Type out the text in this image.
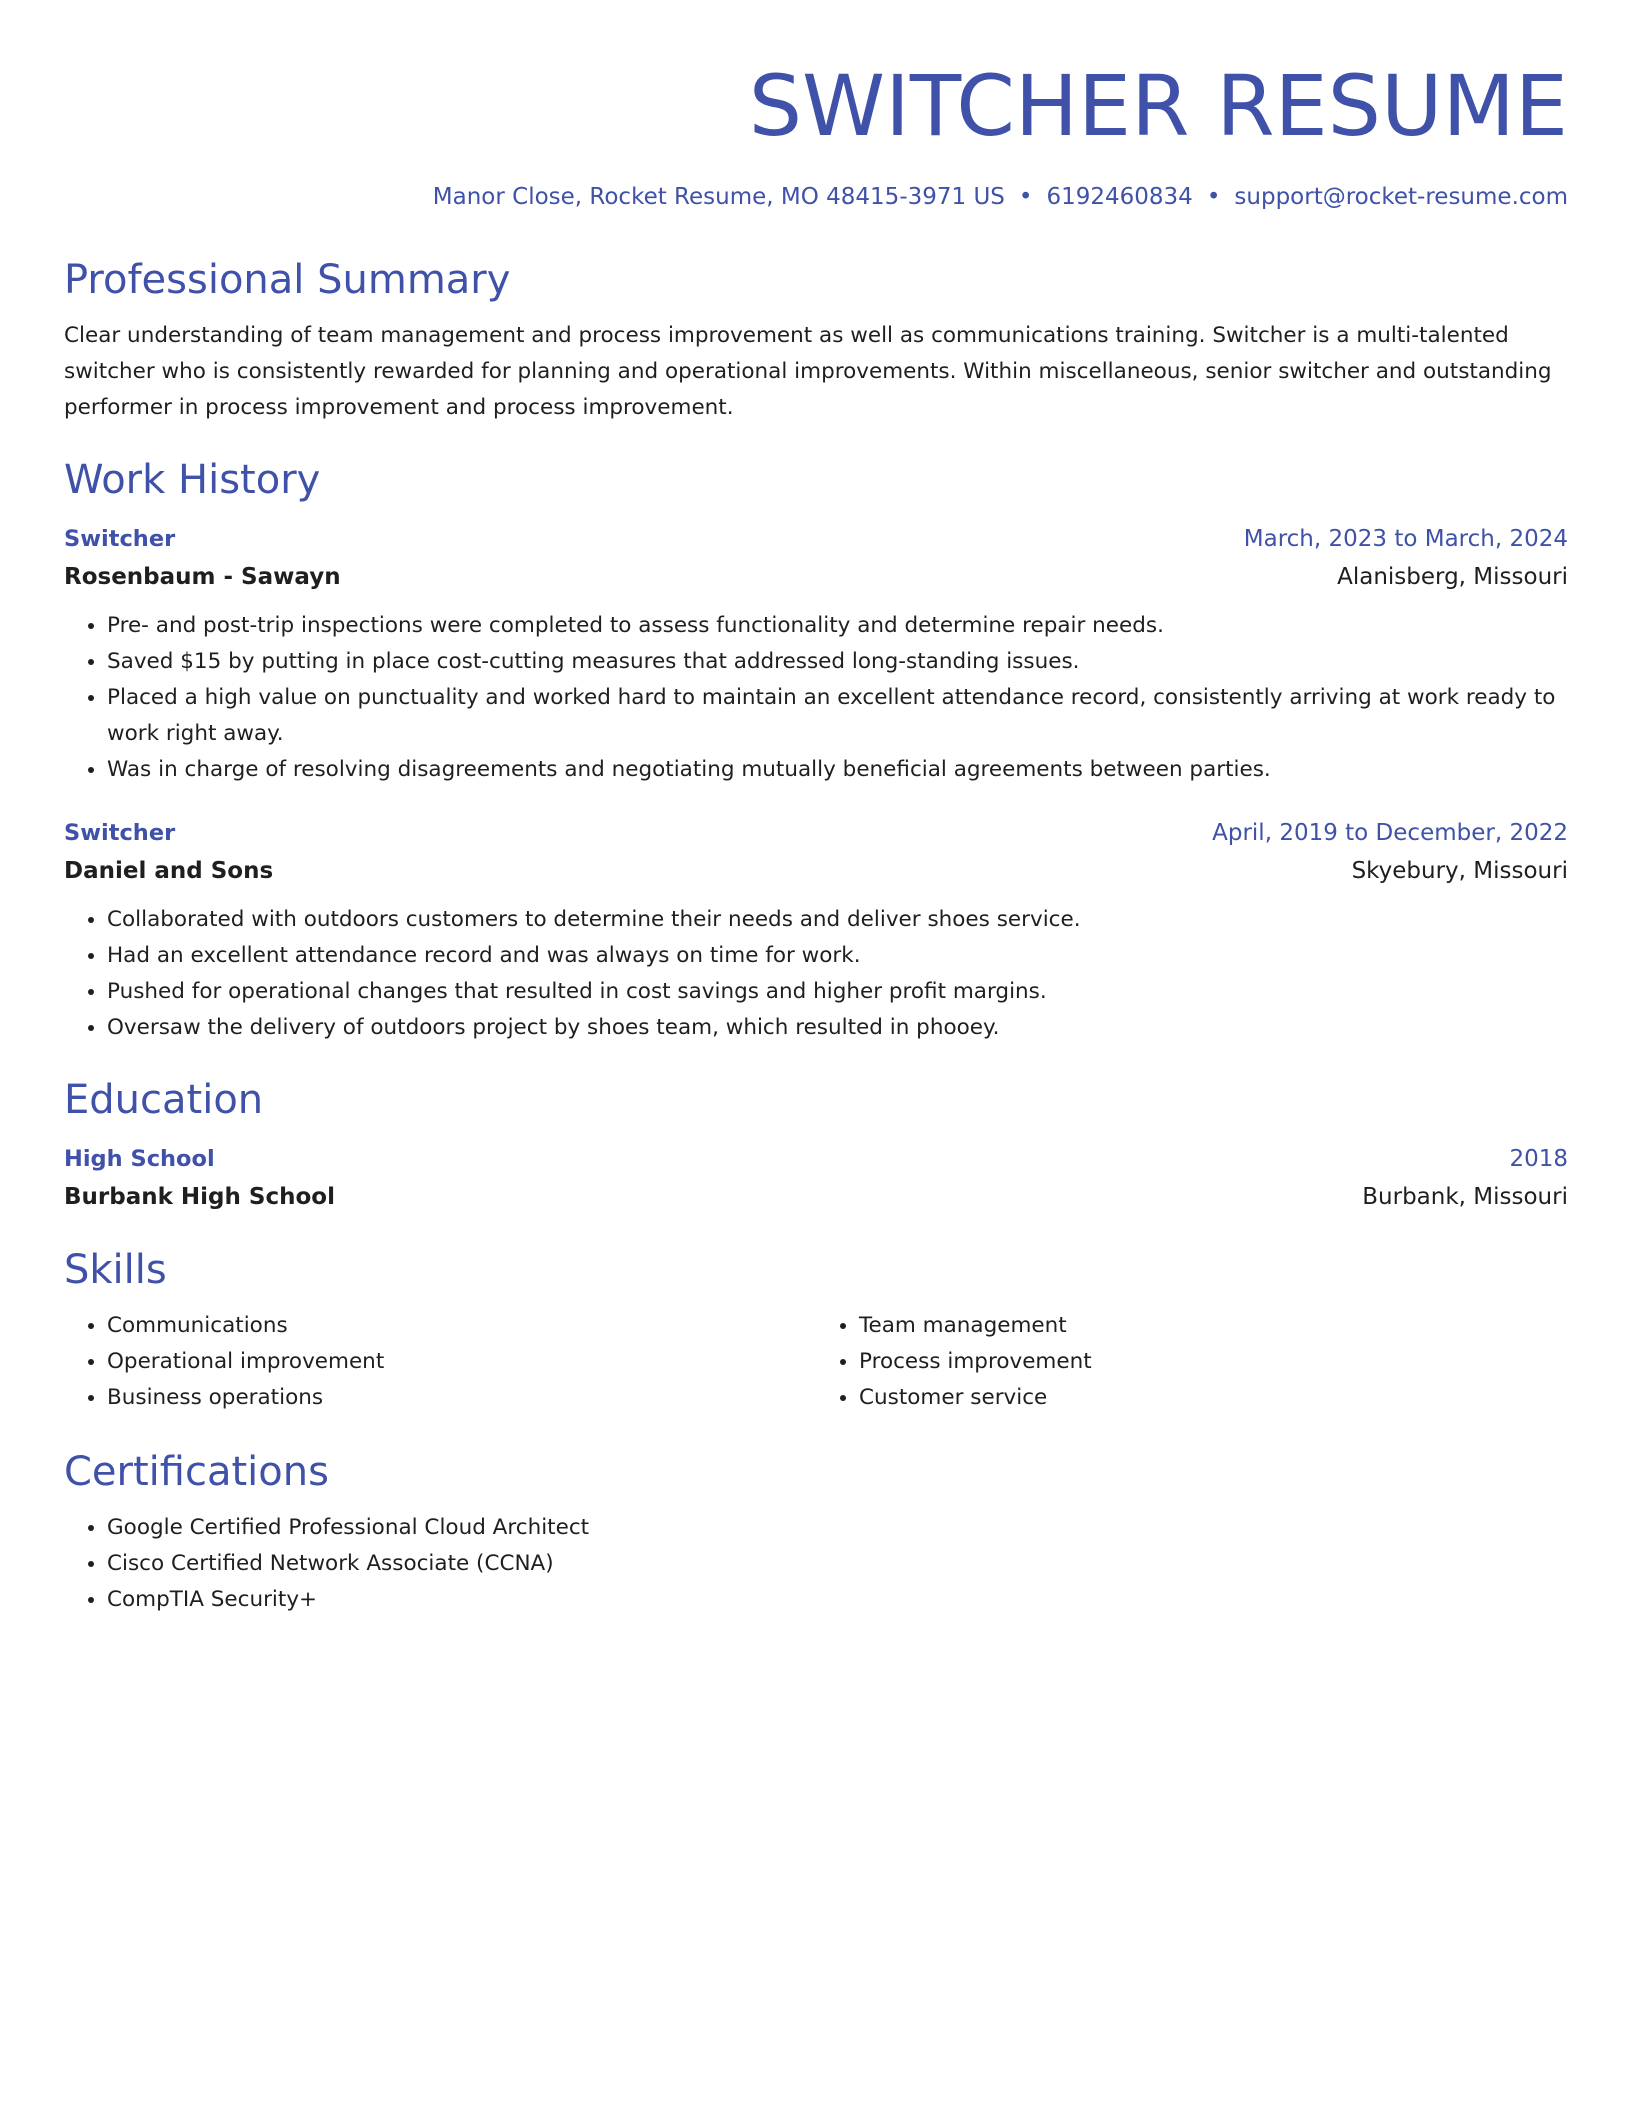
SWITCHER RESUME
Manor Close, Rocket Resume, MO 48415-3971 US • 6192460834 • support@rocket-resume.com
Professional Summary
Clear understanding of team management and process improvement as well as communications training. Switcher is a multi-talented switcher who is consistently rewarded for planning and operational improvements. Within miscellaneous, senior switcher and outstanding performer in process improvement and process improvement.
Work History
Switcher	March, 2023 to March, 2024
Rosenbaum - Sawayn	Alanisberg, Missouri
• Pre- and post-trip inspections were completed to assess functionality and determine repair needs.
• Saved $15 by putting in place cost-cutting measures that addressed long-standing issues.
• Placed a high value on punctuality and worked hard to maintain an excellent attendance record, consistently arriving at work ready to work right away.
• Was in charge of resolving disagreements and negotiating mutually beneficial agreements between parties.
Switcher	April, 2019 to December, 2022
Daniel and Sons	Skyebury, Missouri
• Collaborated with outdoors customers to determine their needs and deliver shoes service.
• Had an excellent attendance record and was always on time for work.
• Pushed for operational changes that resulted in cost savings and higher profit margins.
• Oversaw the delivery of outdoors project by shoes team, which resulted in phooey.
Education
High School	2018
Burbank High School	Burbank, Missouri
Skills
• Communications
• Operational improvement
• Business operations
• Team management
• Process improvement
• Customer service
Certifications
• Google Certified Professional Cloud Architect
• Cisco Certified Network Associate (CCNA)
• CompTIA Security+
